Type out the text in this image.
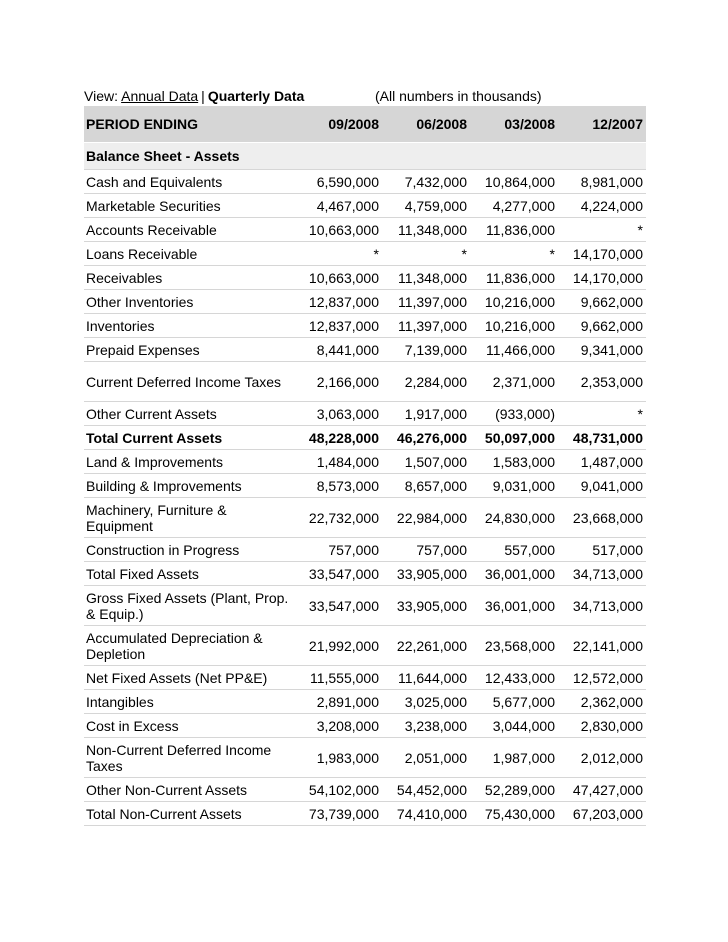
View: Annual Data | Quarterly Data	(All numbers in thousands)
PERIOD ENDING	09/2008	06/2008	03/2008	12/2007
Balance Sheet - Assets				
Cash and Equivalents	6,590,000	7,432,000	10,864,000	8,981,000
Marketable Securities	4,467,000	4,759,000	4,277,000	4,224,000
Accounts Receivable	10,663,000	11,348,000	11,836,000	*
Loans Receivable	*	*	*	14,170,000
Receivables	10,663,000	11,348,000	11,836,000	14,170,000
Other Inventories	12,837,000	11,397,000	10,216,000	9,662,000
Inventories	12,837,000	11,397,000	10,216,000	9,662,000
Prepaid Expenses	8,441,000	7,139,000	11,466,000	9,341,000
Current Deferred Income Taxes	2,166,000	2,284,000	2,371,000	2,353,000
Other Current Assets	3,063,000	1,917,000	(933,000)	*
Total Current Assets	48,228,000	46,276,000	50,097,000	48,731,000
Land & Improvements	1,484,000	1,507,000	1,583,000	1,487,000
Building & Improvements	8,573,000	8,657,000	9,031,000	9,041,000
Machinery, Furniture & Equipment	22,732,000	22,984,000	24,830,000	23,668,000
Construction in Progress	757,000	757,000	557,000	517,000
Total Fixed Assets	33,547,000	33,905,000	36,001,000	34,713,000
Gross Fixed Assets (Plant, Prop. & Equip.)	33,547,000	33,905,000	36,001,000	34,713,000
Accumulated Depreciation & Depletion	21,992,000	22,261,000	23,568,000	22,141,000
Net Fixed Assets (Net PP&E)	11,555,000	11,644,000	12,433,000	12,572,000
Intangibles	2,891,000	3,025,000	5,677,000	2,362,000
Cost in Excess	3,208,000	3,238,000	3,044,000	2,830,000
Non-Current Deferred Income Taxes	1,983,000	2,051,000	1,987,000	2,012,000
Other Non-Current Assets	54,102,000	54,452,000	52,289,000	47,427,000
Total Non-Current Assets	73,739,000	74,410,000	75,430,000	67,203,000
